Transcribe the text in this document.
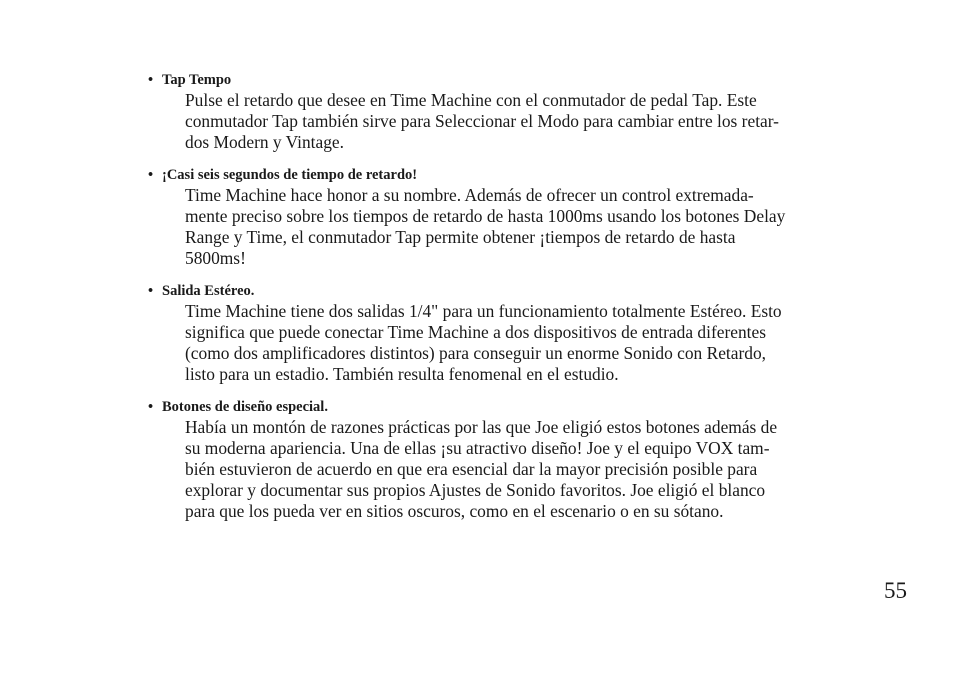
• Tap Tempo

Pulse el retardo que desee en Time Machine con el conmutador de pedal Tap. Este
conmutador Tap también sirve para Seleccionar el Modo para cambiar entre los retar-
dos Modern y Vintage.

• ¡Casi seis segundos de tiempo de retardo!

Time Machine hace honor a su nombre. Además de ofrecer un control extremada-
mente preciso sobre los tiempos de retardo de hasta 1000ms usando los botones Delay
Range y Time, el conmutador Tap permite obtener ¡tiempos de retardo de hasta
5800ms!

• Salida Estéreo.

Time Machine tiene dos salidas 1/4" para un funcionamiento totalmente Estéreo. Esto
significa que puede conectar Time Machine a dos dispositivos de entrada diferentes
(como dos amplificadores distintos) para conseguir un enorme Sonido con Retardo,
listo para un estadio. También resulta fenomenal en el estudio.

• Botones de diseño especial.

Había un montón de razones prácticas por las que Joe eligió estos botones además de
su moderna apariencia. Una de ellas ¡su atractivo diseño! Joe y el equipo VOX tam-
bién estuvieron de acuerdo en que era esencial dar la mayor precisión posible para
explorar y documentar sus propios Ajustes de Sonido favoritos. Joe eligió el blanco
para que los pueda ver en sitios oscuros, como en el escenario o en su sótano.

55
